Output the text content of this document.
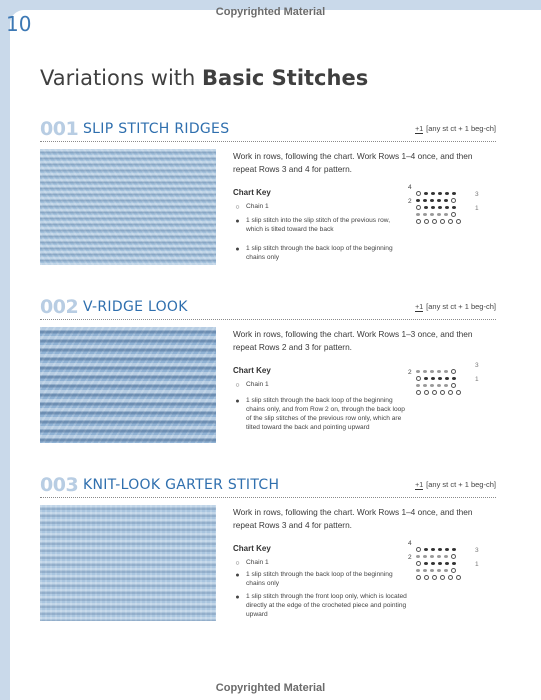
Copyrighted Material
10
Variations with Basic Stitches
001 SLIP STITCH RIDGES	+1 [any st ct + 1 beg-ch]
Work in rows, following the chart. Work Rows 1–4 once, and then repeat Rows 3 and 4 for pattern.
Chart Key
○ Chain 1
● 1 slip stitch into the slip stitch of the previous row, which is tilted toward the back
● 1 slip stitch through the back loop of the beginning chains only
4
3
2
1
002 V-RIDGE LOOK	+1 [any st ct + 1 beg-ch]
Work in rows, following the chart. Work Rows 1–3 once, and then repeat Rows 2 and 3 for pattern.
Chart Key
○ Chain 1
● 1 slip stitch through the back loop of the beginning chains only, and from Row 2 on, through the back loop of the slip stitches of the previous row only, which are tilted toward the back and pointing upward
3
2
1
003 KNIT-LOOK GARTER STITCH	+1 [any st ct + 1 beg-ch]
Work in rows, following the chart. Work Rows 1–4 once, and then repeat Rows 3 and 4 for pattern.
Chart Key
○ Chain 1
● 1 slip stitch through the back loop of the beginning chains only
● 1 slip stitch through the front loop only, which is located directly at the edge of the crocheted piece and pointing upward
4
3
2
1
Copyrighted Material
